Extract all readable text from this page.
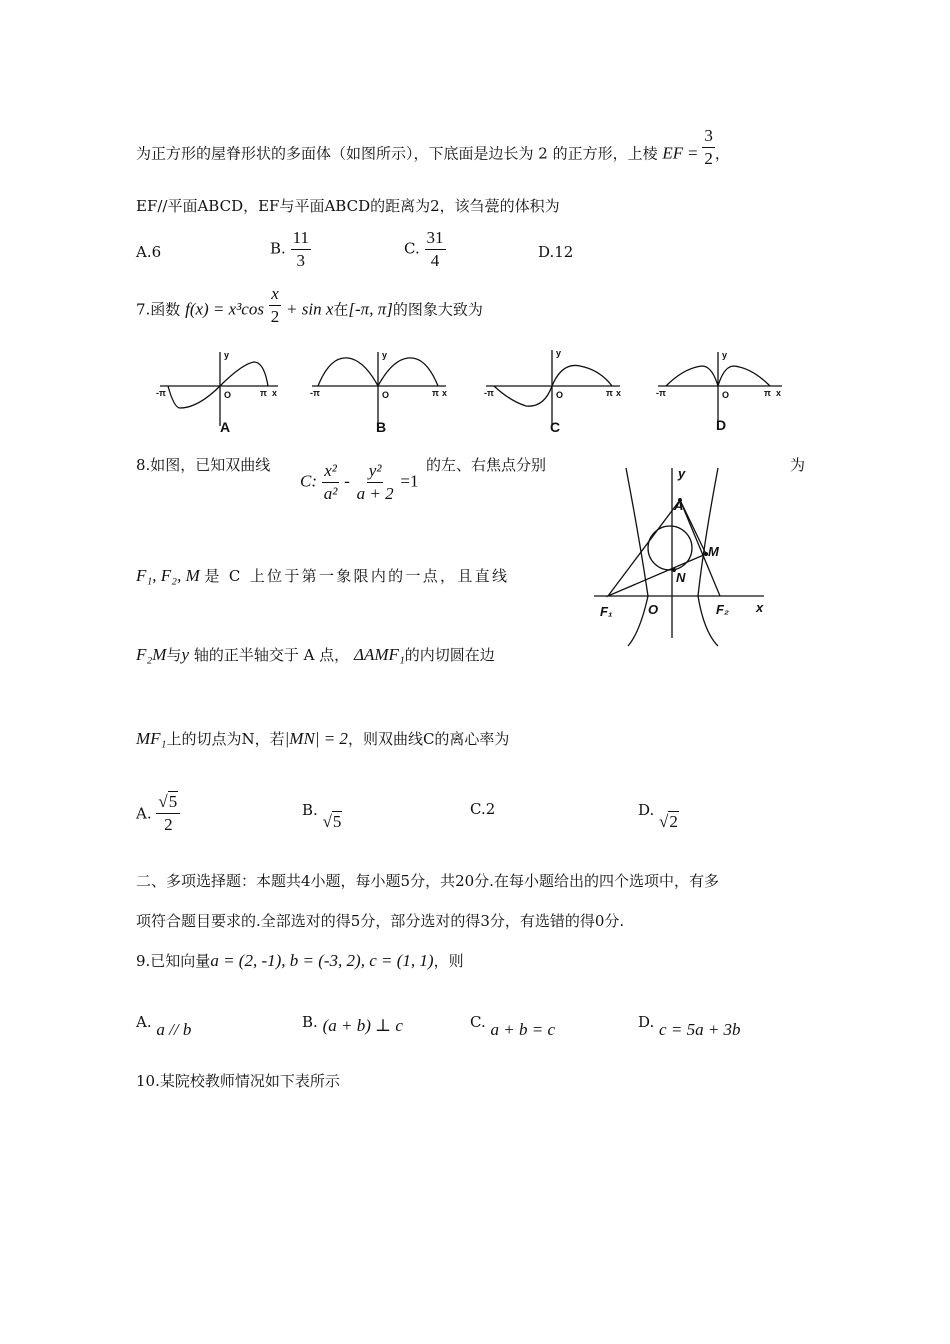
为正方形的屋脊形状的多面体（如图所示），下底面是边长为 2 的正方形，上棱 EF = $\frac{3}{2}$ ，
EF//平面ABCD，EF与平面ABCD的距离为2，该刍甍的体积为
A.6	B. $\frac{11}{3}$	C. $\frac{31}{4}$	D.12
7.函数 $f(x) = x^3\cos \frac{x}{2} + \sin x$在[-π, π]的图象大致为
-π	O	π x
y
-π	O	π x
y
-π	O	π x
y
-π	O	π x
y
A	B	C	D
8.如图，已知双曲线
C: $\frac{\text{x²}}{\text{a²}} - \frac{\text{y²}}{a + 2} =1$
的左、右焦点分别	为
F₁, F₂, M 是 C 上位于第一象限内的一点，且直线
F₂M与y 轴的正半轴交于 A 点， ΔAMF₁的内切圆在边
MF₁上的切点为N，若|MN| = 2，则双曲线C的离心率为
y
A
M
N
F₁	O	F₂ x
A. $\frac{√5}{2}$	B. √5
C.2	D. √2
二、多项选择题：本题共4小题，每小题5分，共20分.在每小题给出的四个选项中，有多
项符合题目要求的.全部选对的得5分，部分选对的得3分，有选错的得0分.
9.已知向量a = (2, -1), b = (-3, 2), c = (1, 1)，则
A. a // b	B. (a + b) ⊥ c	C. a + b = c	D. c = 5a + 3b
10.某院校教师情况如下表所示
